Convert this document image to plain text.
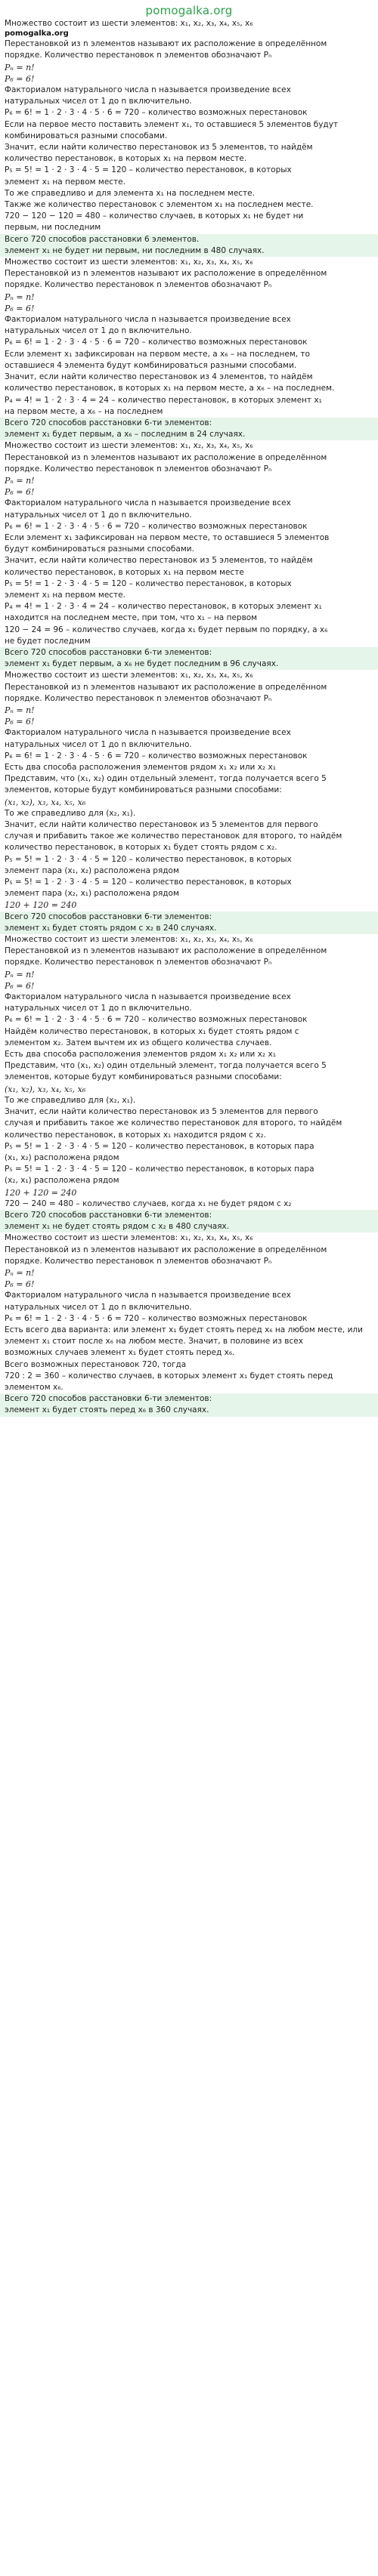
pomogalka.org
Множество состоит из шести элементов: x₁, x₂, x₃, x₄, x₅, x₆
pomogalka.org
Перестановкой из n элементов называют их расположение в определённом
порядке. Количество перестановок n элементов обозначают Pₙ
Pₙ = n!
P₆ = 6!
Факториалом натурального числа n называется произведение всех
натуральных чисел от 1 до n включительно.
P₆ = 6! = 1 · 2 · 3 · 4 · 5 · 6 = 720 – количество возможных перестановок
Если на первое место поставить элемент x₁, то оставшиеся 5 элементов будут
комбинироваться разными способами.
Значит, если найти количество перестановок из 5 элементов, то найдём
количество перестановок, в которых x₁ на первом месте.
P₅ = 5! = 1 · 2 · 3 · 4 · 5 = 120 – количество перестановок, в которых
элемент x₁ на первом месте.
То же справедливо и для элемента x₁ на последнем месте.
Также же количество перестановок с элементом x₁ на последнем месте.
720 − 120 − 120 = 480 – количество случаев, в которых x₁ не будет ни
первым, ни последним
Всего 720 способов расстановки 6 элементов.
элемент x₁ не будет ни первым, ни последним в 480 случаях.
Множество состоит из шести элементов: x₁, x₂, x₃, x₄, x₅, x₆
Перестановкой из n элементов называют их расположение в определённом
порядке. Количество перестановок n элементов обозначают Pₙ
Pₙ = n!
P₆ = 6!
Факториалом натурального числа n называется произведение всех
натуральных чисел от 1 до n включительно.
P₆ = 6! = 1 · 2 · 3 · 4 · 5 · 6 = 720 – количество возможных перестановок
Если элемент x₁ зафиксирован на первом месте, а x₆ – на последнем, то
оставшиеся 4 элемента будут комбинироваться разными способами.
Значит, если найти количество перестановок из 4 элементов, то найдём
количество перестановок, в которых x₁ на первом месте, а x₆ – на последнем.
P₄ = 4! = 1 · 2 · 3 · 4 = 24 – количество перестановок, в которых элемент x₁
на первом месте, а x₆ – на последнем
Всего 720 способов расстановки 6-ти элементов:
элемент x₁ будет первым, а x₆ – последним в 24 случаях.
Множество состоит из шести элементов: x₁, x₂, x₃, x₄, x₅, x₆
Перестановкой из n элементов называют их расположение в определённом
порядке. Количество перестановок n элементов обозначают Pₙ
Pₙ = n!
P₆ = 6!
Факториалом натурального числа n называется произведение всех
натуральных чисел от 1 до n включительно.
P₆ = 6! = 1 · 2 · 3 · 4 · 5 · 6 = 720 – количество возможных перестановок
Если элемент x₁ зафиксирован на первом месте, то оставшиеся 5 элементов
будут комбинироваться разными способами.
Значит, если найти количество перестановок из 5 элементов, то найдём
количество перестановок, в которых x₁ на первом месте
P₅ = 5! = 1 · 2 · 3 · 4 · 5 = 120 – количество перестановок, в которых
элемент x₁ на первом месте.
P₄ = 4! = 1 · 2 · 3 · 4 = 24 – количество перестановок, в которых элемент x₁
находится на последнем месте, при том, что x₁ – на первом
120 − 24 = 96 – количество случаев, когда x₁ будет первым по порядку, а x₆
не будет последним
Всего 720 способов расстановки 6-ти элементов:
элемент x₁ будет первым, а x₆ не будет последним в 96 случаях.
Множество состоит из шести элементов: x₁, x₂, x₃, x₄, x₅, x₆
Перестановкой из n элементов называют их расположение в определённом
порядке. Количество перестановок n элементов обозначают Pₙ
Pₙ = n!
P₆ = 6!
Факториалом натурального числа n называется произведение всех
натуральных чисел от 1 до n включительно.
P₆ = 6! = 1 · 2 · 3 · 4 · 5 · 6 = 720 – количество возможных перестановок
Есть два способа расположения элементов рядом x₁ x₂ или x₂ x₁
Представим, что (x₁, x₂) один отдельный элемент, тогда получается всего 5
элементов, которые будут комбинироваться разными способами:
(x₁, x₂), x₃, x₄, x₅, x₆
То же справедливо для (x₂, x₁).
Значит, если найти количество перестановок из 5 элементов для первого
случая и прибавить такое же количество перестановок для второго, то найдём
количество перестановок, в которых x₁ будет стоять рядом с x₂.
P₅ = 5! = 1 · 2 · 3 · 4 · 5 = 120 – количество перестановок, в которых
элемент пара (x₁, x₂) расположена рядом
P₅ = 5! = 1 · 2 · 3 · 4 · 5 = 120 – количество перестановок, в которых
элемент пара (x₂, x₁) расположена рядом
120 + 120 = 240
Всего 720 способов расстановки 6-ти элементов:
элемент x₁ будет стоять рядом с x₂ в 240 случаях.
Множество состоит из шести элементов: x₁, x₂, x₃, x₄, x₅, x₆
Перестановкой из n элементов называют их расположение в определённом
порядке. Количество перестановок n элементов обозначают Pₙ
Pₙ = n!
P₆ = 6!
Факториалом натурального числа n называется произведение всех
натуральных чисел от 1 до n включительно.
P₆ = 6! = 1 · 2 · 3 · 4 · 5 · 6 = 720 – количество возможных перестановок
Найдём количество перестановок, в которых x₁ будет стоять рядом с
элементом x₂. Затем вычтем их из общего количества случаев.
Есть два способа расположения элементов рядом x₁ x₂ или x₂ x₁
Представим, что (x₁, x₂) один отдельный элемент, тогда получается всего 5
элементов, которые будут комбинироваться разными способами:
(x₁, x₂), x₃, x₄, x₅, x₆
То же справедливо для (x₂, x₁).
Значит, если найти количество перестановок из 5 элементов для первого
случая и прибавить такое же количество перестановок для второго, то найдём
количество перестановок, в которых x₁ находится рядом с x₂.
P₅ = 5! = 1 · 2 · 3 · 4 · 5 = 120 – количество перестановок, в которых пара
(x₁, x₂) расположена рядом
P₅ = 5! = 1 · 2 · 3 · 4 · 5 = 120 – количество перестановок, в которых пара
(x₂, x₁) расположена рядом
120 + 120 = 240
720 − 240 = 480 – количество случаев, когда x₁ не будет рядом с x₂
Всего 720 способов расстановки 6-ти элементов:
элемент x₁ не будет стоять рядом с x₂ в 480 случаях.
Множество состоит из шести элементов: x₁, x₂, x₃, x₄, x₅, x₆
Перестановкой из n элементов называют их расположение в определённом
порядке. Количество перестановок n элементов обозначают Pₙ
Pₙ = n!
P₆ = 6!
Факториалом натурального числа n называется произведение всех
натуральных чисел от 1 до n включительно.
P₆ = 6! = 1 · 2 · 3 · 4 · 5 · 6 = 720 – количество возможных перестановок
Есть всего два варианта: или элемент x₁ будет стоять перед x₆ на любом месте, или
элемент x₁ стоит после x₆ на любом месте. Значит, в половине из всех
возможных случаев элемент x₁ будет стоять перед x₆.
Всего возможных перестановок 720, тогда
720 : 2 = 360 – количество случаев, в которых элемент x₁ будет стоять перед
элементом x₆.
Всего 720 способов расстановки 6-ти элементов:
элемент x₁ будет стоять перед x₆ в 360 случаях.
